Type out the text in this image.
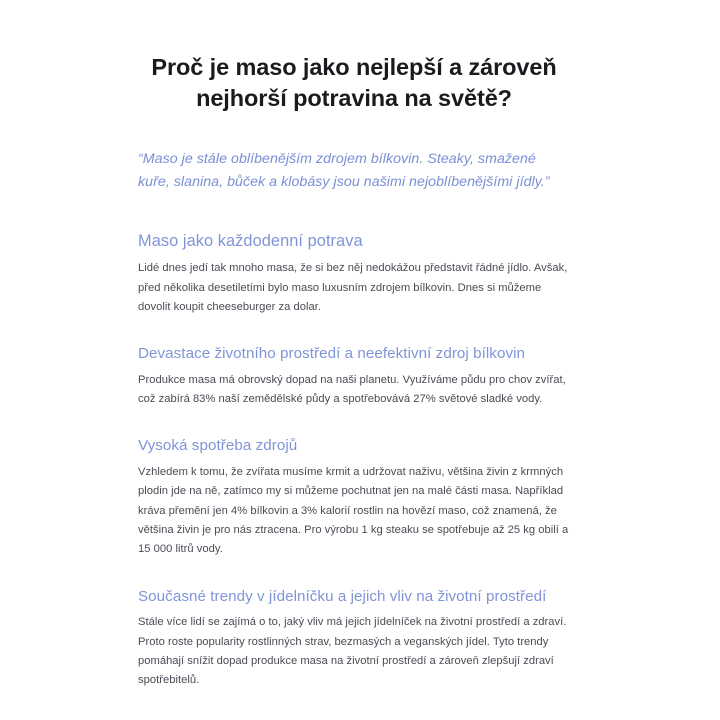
Proč je maso jako nejlepší a zároveň nejhorší potravina na světě?

“Maso je stále oblíbenějším zdrojem bílkovin. Steaky, smažené kuře, slanina, bůček a klobásy jsou našimi nejoblíbenějšími jídly.”

Maso jako každodenní potrava

Lidé dnes jedí tak mnoho masa, že si bez něj nedokážou představit řádné jídlo. Avšak, před několika desetiletími bylo maso luxusním zdrojem bílkovin. Dnes si můžeme dovolit koupit cheeseburger za dolar.

Devastace životního prostředí a neefektivní zdroj bílkovin

Produkce masa má obrovský dopad na naši planetu. Využíváme půdu pro chov zvířat, což zabírá 83% naší zemědělské půdy a spotřebovává 27% světové sladké vody.

Vysoká spotřeba zdrojů

Vzhledem k tomu, že zvířata musíme krmit a udržovat naživu, většina živin z krmných plodin jde na ně, zatímco my si můžeme pochutnat jen na malé části masa. Například kráva přemění jen 4% bílkovin a 3% kalorií rostlin na hovězí maso, což znamená, že většina živin je pro nás ztracena. Pro výrobu 1 kg steaku se spotřebuje až 25 kg obilí a 15 000 litrů vody.

Současné trendy v jídelníčku a jejich vliv na životní prostředí

Stále více lidí se zajímá o to, jaký vliv má jejich jídelníček na životní prostředí a zdraví. Proto roste popularity rostlinných strav, bezmasých a veganských jídel. Tyto trendy pomáhají snížit dopad produkce masa na životní prostředí a zároveň zlepšují zdraví spotřebitelů.
